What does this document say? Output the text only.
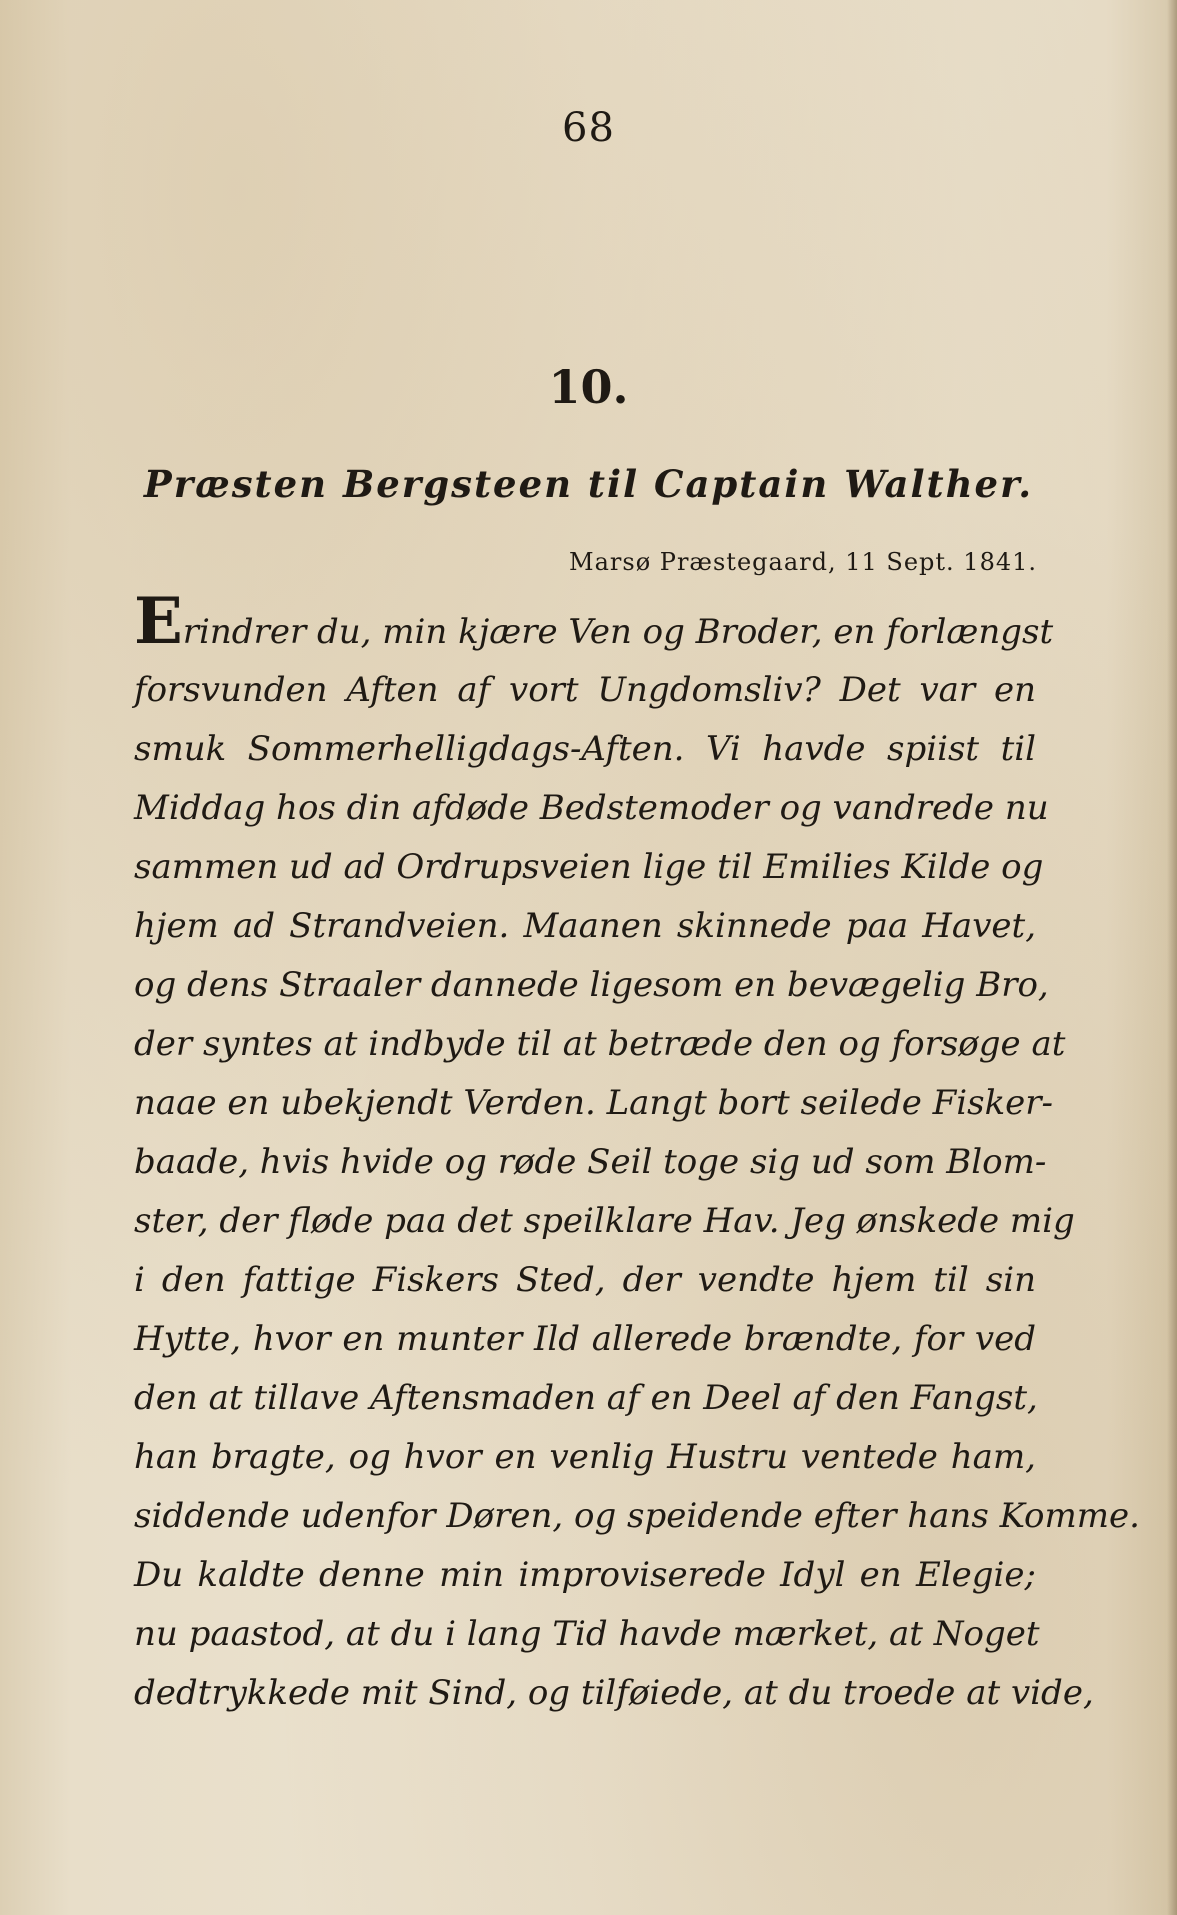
68
10.
Præsten Bergsteen til Captain Walther.
Marsø Præstegaard, 11 Sept. 1841.
Erindrer du, min kjære Ven og Broder, en forlængst
forsvunden Aften af vort Ungdomsliv? Det var en
smuk Sommerhelligdags-Aften. Vi havde spiist til
Middag hos din afdøde Bedstemoder og vandrede nu
sammen ud ad Ordrupsveien lige til Emilies Kilde og
hjem ad Strandveien. Maanen skinnede paa Havet,
og dens Straaler dannede ligesom en bevægelig Bro,
der syntes at indbyde til at betræde den og forsøge at
naae en ubekjendt Verden. Langt bort seilede Fisker-
baade, hvis hvide og røde Seil toge sig ud som Blom-
ster, der fløde paa det speilklare Hav. Jeg ønskede mig
i den fattige Fiskers Sted, der vendte hjem til sin
Hytte, hvor en munter Ild allerede brændte, for ved
den at tillave Aftensmaden af en Deel af den Fangst,
han bragte, og hvor en venlig Hustru ventede ham,
siddende udenfor Døren, og speidende efter hans Komme.
Du kaldte denne min improviserede Idyl en Elegie;
nu paastod, at du i lang Tid havde mærket, at Noget
dedtrykkede mit Sind, og tilføiede, at du troede at vide,
